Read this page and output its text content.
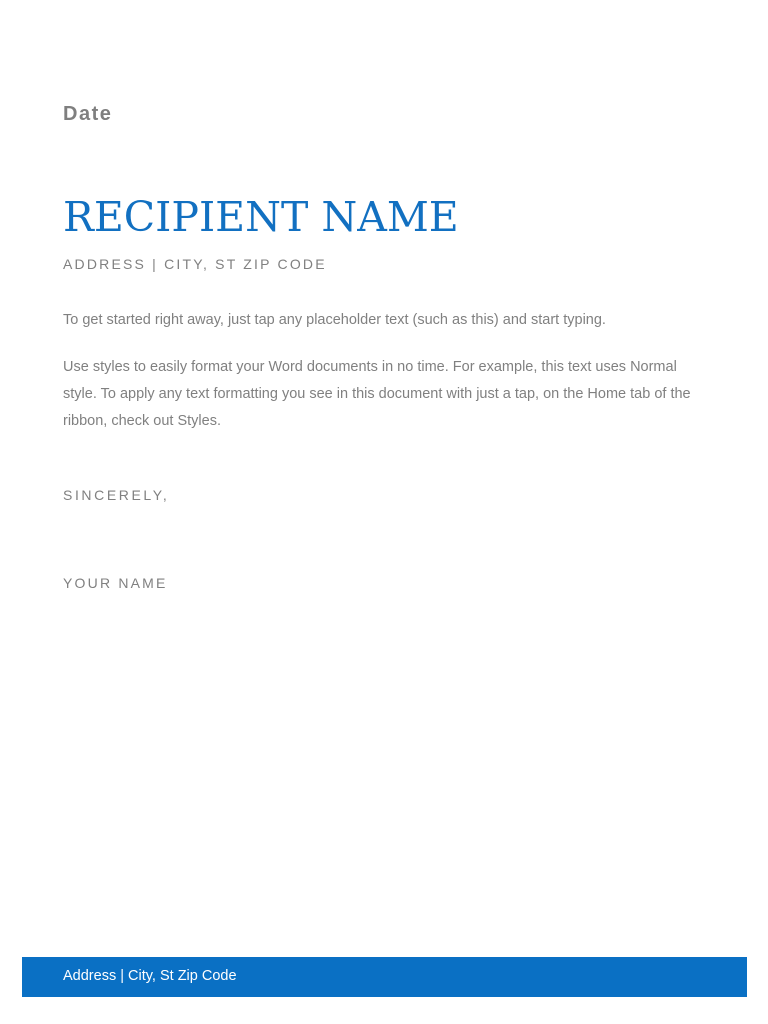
Date
RECIPIENT NAME
ADDRESS | CITY, ST ZIP CODE

To get started right away, just tap any placeholder text (such as this) and start typing.

Use styles to easily format your Word documents in no time. For example, this text uses Normal style. To apply any text formatting you see in this document with just a tap, on the Home tab of the ribbon, check out Styles.

SINCERELY,
YOUR NAME
Address | City, St Zip Code
